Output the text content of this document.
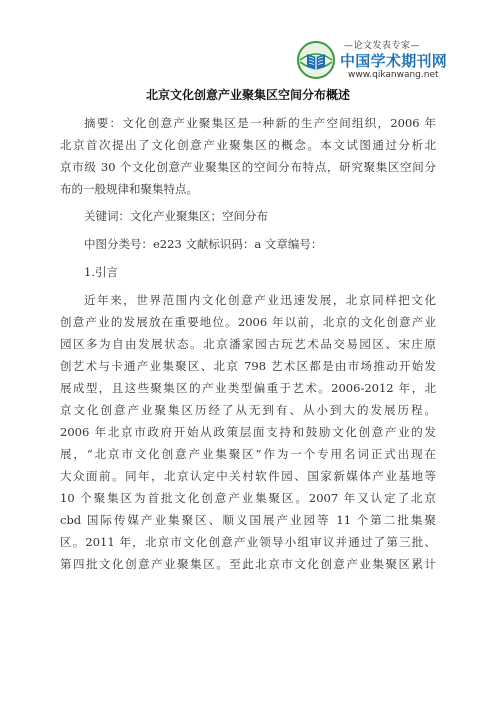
—论文发表专家—
中国学术期刊网
www.qikanwang.net
北京文化创意产业聚集区空间分布概述
摘要：文化创意产业聚集区是一种新的生产空间组织，2006 年
北京首次提出了文化创意产业聚集区的概念。本文试图通过分析北
京市级 30 个文化创意产业聚集区的空间分布特点，研究聚集区空间分
布的一般规律和聚集特点。

关键词：文化产业聚集区；空间分布

中图分类号：e223 文献标识码：a 文章编号：

1.引言

近年来，世界范围内文化创意产业迅速发展，北京同样把文化
创意产业的发展放在重要地位。2006 年以前，北京的文化创意产业
园区多为自由发展状态。北京潘家园古玩艺术品交易园区、宋庄原
创艺术与卡通产业集聚区、北京 798 艺术区都是由市场推动开始发
展成型，且这些聚集区的产业类型偏重于艺术。2006-2012 年，北
京文化创意产业聚集区历经了从无到有、从小到大的发展历程。
2006 年北京市政府开始从政策层面支持和鼓励文化创意产业的发
展，“北京市文化创意产业集聚区”作为一个专用名词正式出现在
大众面前。同年，北京认定中关村软件园、国家新媒体产业基地等
10 个聚集区为首批文化创意产业集聚区。2007 年又认定了北京
cbd 国际传媒产业集聚区、顺义国展产业园等 11 个第二批集聚
区。2011 年，北京市文化创意产业领导小组审议并通过了第三批、
第四批文化创意产业聚集区。至此北京市文化创意产业集聚区累计
